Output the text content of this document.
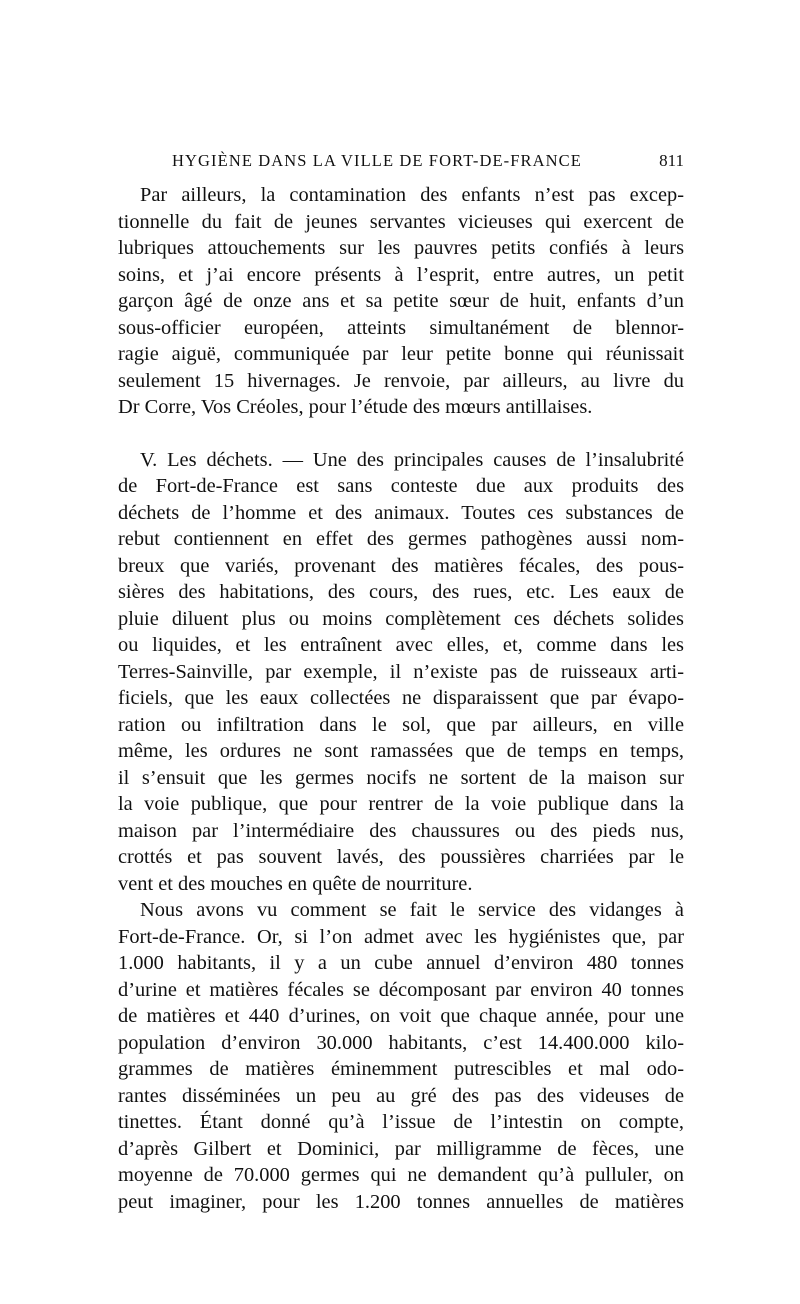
HYGIÈNE DANS LA VILLE DE FORT-DE-FRANCE	811
Par ailleurs, la contamination des enfants n’est pas excep-
tionnelle du fait de jeunes servantes vicieuses qui exercent de
lubriques attouchements sur les pauvres petits confiés à leurs
soins, et j’ai encore présents à l’esprit, entre autres, un petit
garçon âgé de onze ans et sa petite sœur de huit, enfants d’un
sous-officier européen, atteints simultanément de blennor-
ragie aiguë, communiquée par leur petite bonne qui réunissait
seulement 15 hivernages. Je renvoie, par ailleurs, au livre du
Dr Corre, Vos Créoles, pour l’étude des mœurs antillaises.
V. Les déchets. — Une des principales causes de l’insalubrité
de Fort-de-France est sans conteste due aux produits des
déchets de l’homme et des animaux. Toutes ces substances de
rebut contiennent en effet des germes pathogènes aussi nom-
breux que variés, provenant des matières fécales, des pous-
sières des habitations, des cours, des rues, etc. Les eaux de
pluie diluent plus ou moins complètement ces déchets solides
ou liquides, et les entraînent avec elles, et, comme dans les
Terres-Sainville, par exemple, il n’existe pas de ruisseaux arti-
ficiels, que les eaux collectées ne disparaissent que par évapo-
ration ou infiltration dans le sol, que par ailleurs, en ville
même, les ordures ne sont ramassées que de temps en temps,
il s’ensuit que les germes nocifs ne sortent de la maison sur
la voie publique, que pour rentrer de la voie publique dans la
maison par l’intermédiaire des chaussures ou des pieds nus,
crottés et pas souvent lavés, des poussières charriées par le
vent et des mouches en quête de nourriture.
Nous avons vu comment se fait le service des vidanges à
Fort-de-France. Or, si l’on admet avec les hygiénistes que, par
1.000 habitants, il y a un cube annuel d’environ 480 tonnes
d’urine et matières fécales se décomposant par environ 40 tonnes
de matières et 440 d’urines, on voit que chaque année, pour une
population d’environ 30.000 habitants, c’est 14.400.000 kilo-
grammes de matières éminemment putrescibles et mal odo-
rantes disséminées un peu au gré des pas des videuses de
tinettes. Étant donné qu’à l’issue de l’intestin on compte,
d’après Gilbert et Dominici, par milligramme de fèces, une
moyenne de 70.000 germes qui ne demandent qu’à pulluler, on
peut imaginer, pour les 1.200 tonnes annuelles de matières
